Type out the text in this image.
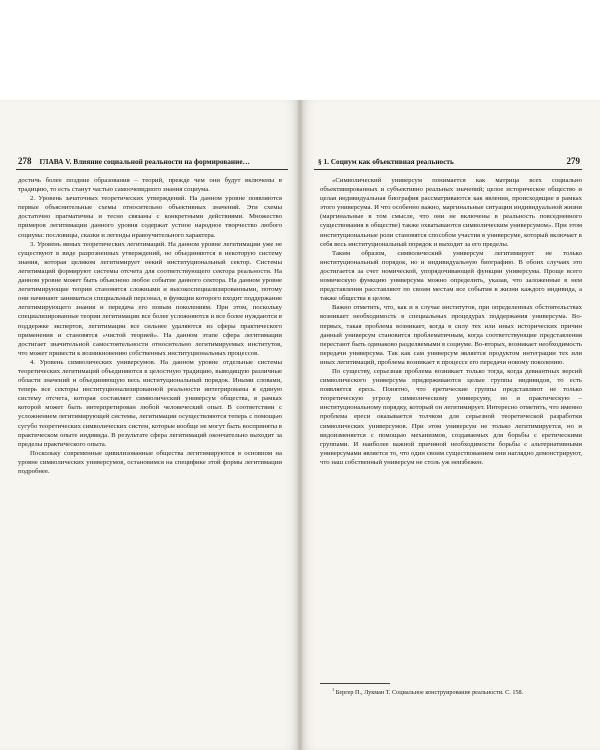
278 ГЛАВА V. Влияние социальной реальности на формирование…

достичь более поздние образования – теорий, прежде чем они будут включены в традицию, то есть станут частью самоочевидного знания социума.

2. Уровень зачаточных теоретических утверждений. На данном уровне появляются первые объяснительные схемы относительно объективных значений. Эти схемы достаточно прагматичны и тесно связаны с конкретными действиями. Множество примеров легитимации данного уровня содержат устное народное творчество любого социума: пословицы, сказки и легенды нравоучительного характера.

3. Уровень явных теоретических легитимаций. На данном уровне легитимации уже не существуют в виде разрозненных утверждений, но объединяются в некоторую систему знания, которая целиком легитимирует некий институциональный сектор. Системы легитимаций формируют системы отсчета для соответствующего сектора реальности. На данном уровне может быть объяснено любое событие данного сектора. На данном уровне легитимирующие теории становятся сложными и высокоспециализированными, потому они начинают заниматься специальный персонал, в функции которого входит поддержание легитимирующего знания и передача его новым поколениям. При этом, поскольку специализированные теории легитимации все более усложняются и все более нуждаются в поддержке экспертов, легитимации все сильнее удаляются из сферы практического применения и становятся «чистой теорией». На данном этапе сфера легитимации достигает значительной самостоятельности относительно легитимируемых институтов, что может привести к возникновению собственных институциональных процессов.

4. Уровень символических универсумов. На данном уровне отдельные системы теоретических легитимаций объединяются в целостную традицию, выводящую различные области значений и объединяющую весь институциональный порядок. Иными словами, теперь все секторы институционализированной реальности интегрированы в единую систему отсчета, которая составляет символический универсум общества, в рамках которой может быть интерпретирован любой человеческий опыт. В соответствии с усложнением легитимирующей системы, легитимации осуществляются теперь с помощью сугубо теоретических символических систем, которые вообще не могут быть восприняты в практическом опыте индивида. В результате сфера легитимаций окончательно выходит за пределы практического опыта.

Поскольку современные цивилизованные общества легитимируются в основном на уровне символических универсумов, остановимся на специфике этой формы легитимации подробнее.

§ 1. Социум как объективная реальность	279

«Символический универсум понимается как матрица всех социально объективированных и субъективно реальных значений; целое историческое общество и целая индивидуальная биография рассматриваются как явления, происходящие в рамках этого универсума. И что особенно важно, маргинальные ситуации индивидуальной жизни (маргинальные в том смысле, что они не включены в реальность повседневного существования в обществе) также охватываются символическим универсумом». При этом институциональные роли становятся способом участия в универсуме, который включает в себя весь институциональный порядок и выходит за его пределы.

Таким образом, символический универсум легитимирует не только институциональный порядок, но и индивидуальную биографию. В обоих случаях это достигается за счет номической, упорядочивающей функции универсума. Проще всего номическую функцию универсума можно определить, указав, что заложенные в нем представления расставляют по своим местам все события в жизни каждого индивида, а также общества в целом.

Важно отметить, что, как и в случае институтов, при определенных обстоятельствах возникает необходимость в специальных процедурах поддержания универсума. Во-первых, такая проблема возникает, когда в силу тех или иных исторических причин данный универсум становится проблематичным, когда соответствующие представления перестают быть одинаково разделяемыми в социуме. Во-вторых, возникает необходимость передачи универсума. Так как сам универсум является продуктом интеграции тех или иных легитимаций, проблема возникает в процессе его передачи новому поколению.

По существу, серьезная проблема возникает только тогда, когда девиантных версий символического универсума придерживаются целые группы индивидов, то есть появляется ересь. Понятно, что еретические группы представляют не только теоретическую угрозу символическому универсуму, но и практическую – институциональному порядку, который он легитимирует. Интересно отметить, что именно проблема ереси оказывается толчком для серьезной теоретической разработки символических универсумов. При этом универсум не только легитимируется, но и видоизменяется с помощью механизмов, создаваемых для борьбы с еретическими группами. И наиболее важной причиной необходимости борьбы с альтернативными универсумами является то, что один своим существованием они наглядно демонстрируют, что наш собственный универсум не столь уж неизбежен.

$^1$ Бергер П., Лукман Т. Социальное конструирование реальности. С. 158.
